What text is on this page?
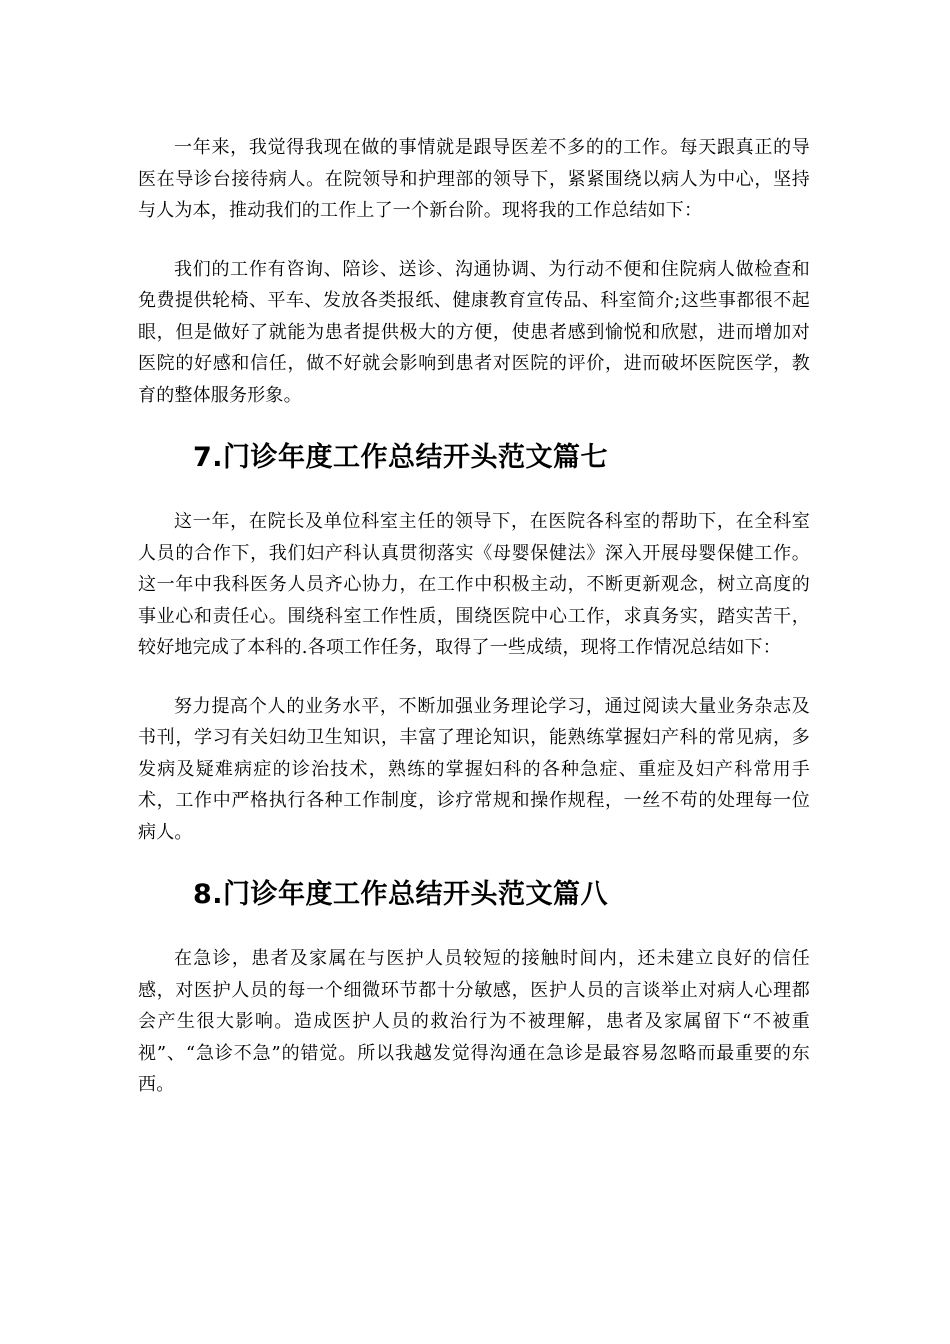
一年来，我觉得我现在做的事情就是跟导医差不多的的工作。每天跟真正的导医在导诊台接待病人。在院领导和护理部的领导下，紧紧围绕以病人为中心，坚持与人为本，推动我们的工作上了一个新台阶。现将我的工作总结如下：

我们的工作有咨询、陪诊、送诊、沟通协调、为行动不便和住院病人做检查和免费提供轮椅、平车、发放各类报纸、健康教育宣传品、科室简介;这些事都很不起眼，但是做好了就能为患者提供极大的方便，使患者感到愉悦和欣慰，进而增加对医院的好感和信任，做不好就会影响到患者对医院的评价，进而破坏医院医学，教育的整体服务形象。

7.门诊年度工作总结开头范文篇七

这一年，在院长及单位科室主任的领导下，在医院各科室的帮助下，在全科室人员的合作下，我们妇产科认真贯彻落实《母婴保健法》深入开展母婴保健工作。这一年中我科医务人员齐心协力，在工作中积极主动，不断更新观念，树立高度的事业心和责任心。围绕科室工作性质，围绕医院中心工作，求真务实，踏实苦干，较好地完成了本科的.各项工作任务，取得了一些成绩，现将工作情况总结如下：

努力提高个人的业务水平，不断加强业务理论学习，通过阅读大量业务杂志及书刊，学习有关妇幼卫生知识，丰富了理论知识，能熟练掌握妇产科的常见病，多发病及疑难病症的诊治技术，熟练的掌握妇科的各种急症、重症及妇产科常用手术，工作中严格执行各种工作制度，诊疗常规和操作规程，一丝不苟的处理每一位病人。

8.门诊年度工作总结开头范文篇八

在急诊，患者及家属在与医护人员较短的接触时间内，还未建立良好的信任感，对医护人员的每一个细微环节都十分敏感，医护人员的言谈举止对病人心理都会产生很大影响。造成医护人员的救治行为不被理解，患者及家属留下“不被重视”、“急诊不急”的错觉。所以我越发觉得沟通在急诊是最容易忽略而最重要的东西。
